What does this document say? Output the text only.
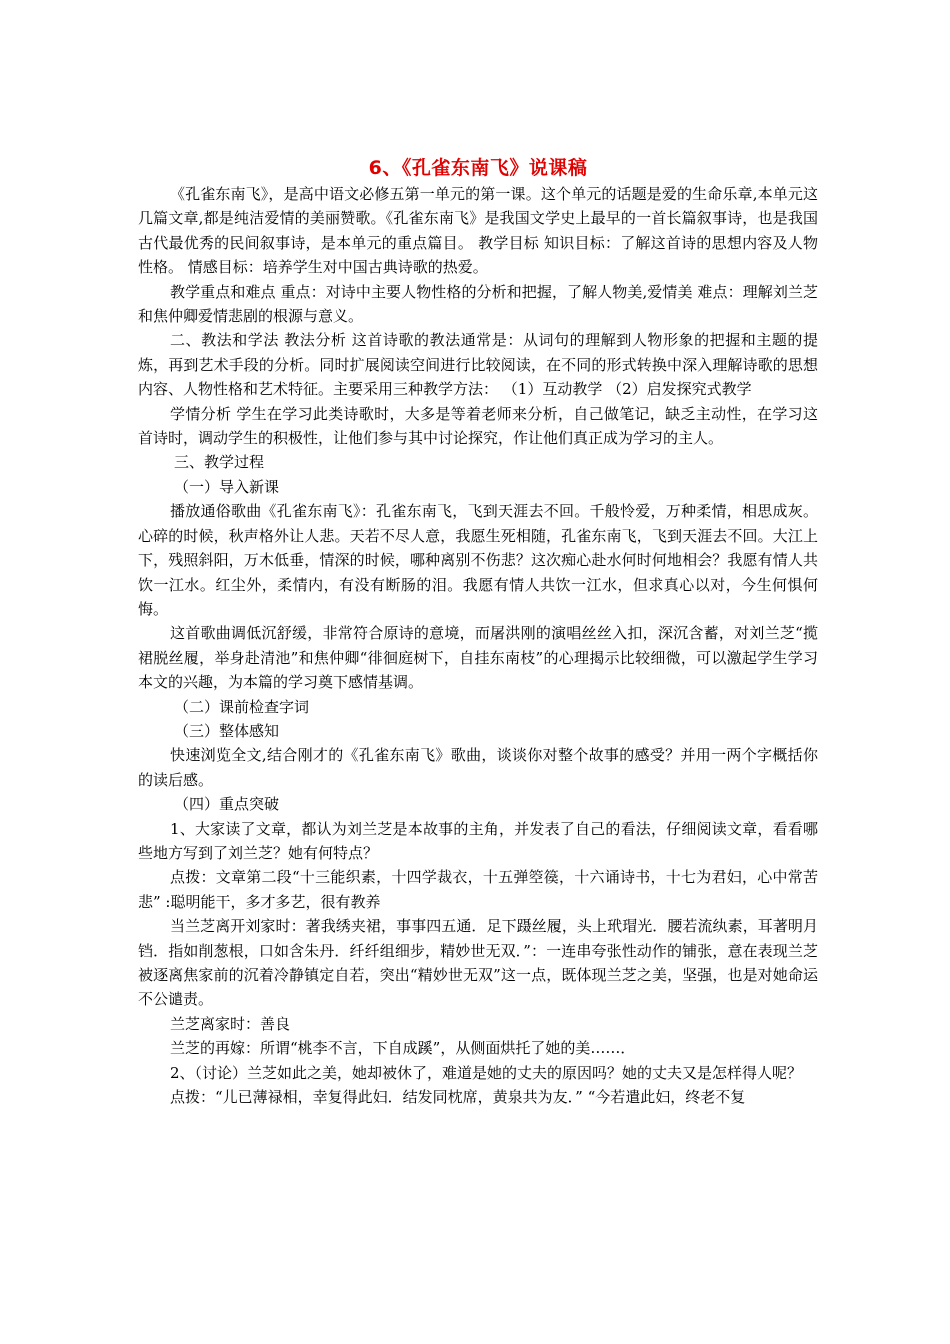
6、《孔雀东南飞》说课稿

《孔雀东南飞》，是高中语文必修五第一单元的第一课。这个单元的话题是爱的生命乐章,本单元这几篇文章,都是纯洁爱情的美丽赞歌。《孔雀东南飞》是我国文学史上最早的一首长篇叙事诗，也是我国古代最优秀的民间叙事诗，是本单元的重点篇目。 教学目标 知识目标：了解这首诗的思想内容及人物性格。 情感目标：培养学生对中国古典诗歌的热爱。

教学重点和难点 重点：对诗中主要人物性格的分析和把握，了解人物美,爱情美 难点：理解刘兰芝和焦仲卿爱情悲剧的根源与意义。

二、教法和学法 教法分析 这首诗歌的教法通常是：从词句的理解到人物形象的把握和主题的提炼，再到艺术手段的分析。同时扩展阅读空间进行比较阅读，在不同的形式转换中深入理解诗歌的思想内容、人物性格和艺术特征。主要采用三种教学方法： （1）互动教学 （2）启发探究式教学

学情分析 学生在学习此类诗歌时，大多是等着老师来分析，自己做笔记，缺乏主动性，在学习这首诗时，调动学生的积极性，让他们参与其中讨论探究，作让他们真正成为学习的主人。

三、教学过程

（一）导入新课

播放通俗歌曲《孔雀东南飞》：孔雀东南飞，飞到天涯去不回。千般怜爱，万种柔情，相思成灰。心碎的时候，秋声格外让人悲。天若不尽人意，我愿生死相随，孔雀东南飞，飞到天涯去不回。大江上下，残照斜阳，万木低垂，情深的时候，哪种离别不伤悲？这次痴心赴水何时何地相会？我愿有情人共饮一江水。红尘外，柔情内，有没有断肠的泪。我愿有情人共饮一江水，但求真心以对，今生何惧何悔。

这首歌曲调低沉舒缓，非常符合原诗的意境，而屠洪刚的演唱丝丝入扣，深沉含蓄，对刘兰芝“揽裙脱丝履，举身赴清池”和焦仲卿“徘徊庭树下，自挂东南枝”的心理揭示比较细微，可以激起学生学习本文的兴趣，为本篇的学习奠下感情基调。

（二）课前检查字词

（三）整体感知

快速浏览全文,结合刚才的《孔雀东南飞》歌曲，谈谈你对整个故事的感受？并用一两个字概括你的读后感。

（四）重点突破

1、大家读了文章，都认为刘兰芝是本故事的主角，并发表了自己的看法，仔细阅读文章，看看哪些地方写到了刘兰芝？她有何特点？

点拨：文章第二段“十三能织素，十四学裁衣，十五弹箜篌，十六诵诗书，十七为君妇，心中常苦悲” :聪明能干，多才多艺，很有教养

当兰芝离开刘家时：著我绣夹裙，事事四五通．足下蹑丝履，头上玳瑁光．腰若流纨素，耳著明月铛．指如削葱根，口如含朱丹．纤纤组细步，精妙世无双．”：一连串夸张性动作的铺张，意在表现兰芝被逐离焦家前的沉着冷静镇定自若，突出“精妙世无双”这一点，既体现兰芝之美，坚强，也是对她命运不公谴责。

兰芝离家时：善良

兰芝的再嫁：所谓“桃李不言，下自成蹊”，从侧面烘托了她的美……．

2、（讨论）兰芝如此之美，她却被休了，难道是她的丈夫的原因吗？她的丈夫又是怎样得人呢？

点拨：“儿已薄禄相，幸复得此妇．结发同枕席，黄泉共为友．” “今若遣此妇，终老不复
